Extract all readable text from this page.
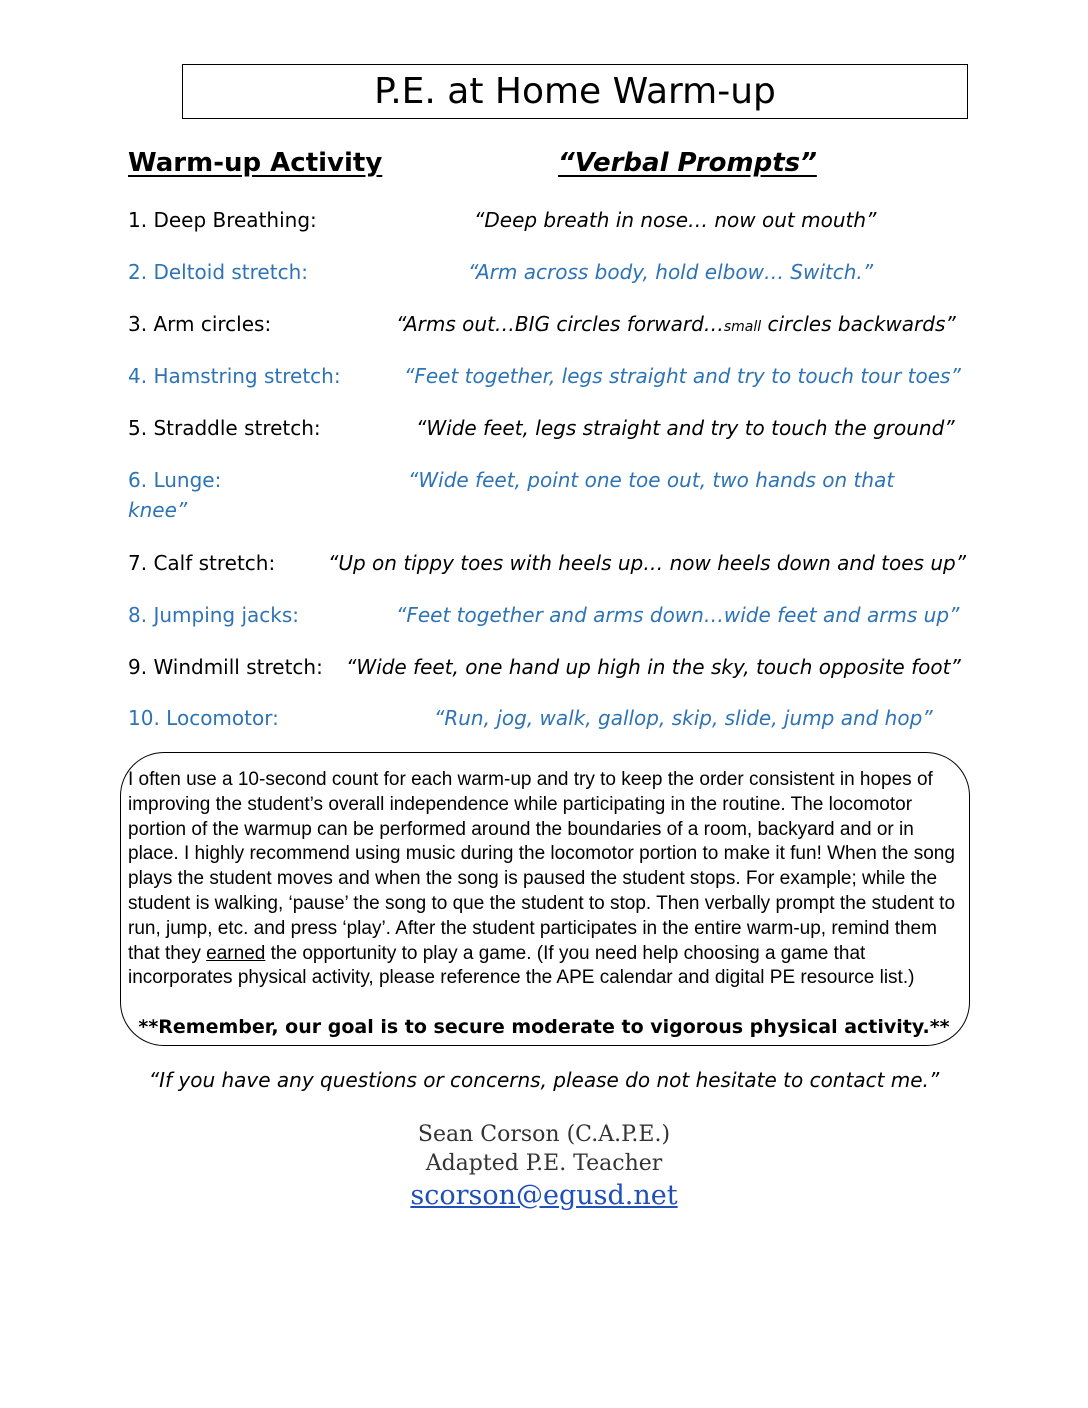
P.E. at Home Warm-up
Warm-up Activity	“Verbal Prompts”
1. Deep Breathing:	“Deep breath in nose… now out mouth”
2. Deltoid stretch:	“Arm across body, hold elbow… Switch.”
3. Arm circles:	“Arms out…BIG circles forward…small circles backwards”
4. Hamstring stretch:	“Feet together, legs straight and try to touch tour toes”
5. Straddle stretch:	“Wide feet, legs straight and try to touch the ground”
6. Lunge:	“Wide feet, point one toe out, two hands on that
knee”
7. Calf stretch:	“Up on tippy toes with heels up… now heels down and toes up”
8. Jumping jacks:	“Feet together and arms down…wide feet and arms up”
9. Windmill stretch: “Wide feet, one hand up high in the sky, touch opposite foot”
10. Locomotor:	“Run, jog, walk, gallop, skip, slide, jump and hop”
I often use a 10-second count for each warm-up and try to keep the order consistent in hopes of improving the student’s overall independence while participating in the routine. The locomotor portion of the warmup can be performed around the boundaries of a room, backyard and or in place. I highly recommend using music during the locomotor portion to make it fun! When the song plays the student moves and when the song is paused the student stops. For example; while the student is walking, ‘pause’ the song to que the student to stop. Then verbally prompt the student to run, jump, etc. and press ‘play’. After the student participates in the entire warm-up, remind them that they earned the opportunity to play a game. (If you need help choosing a game that incorporates physical activity, please reference the APE calendar and digital PE resource list.)
**Remember, our goal is to secure moderate to vigorous physical activity.**
“If you have any questions or concerns, please do not hesitate to contact me.”
Sean Corson (C.A.P.E.)
Adapted P.E. Teacher
scorson@egusd.net
